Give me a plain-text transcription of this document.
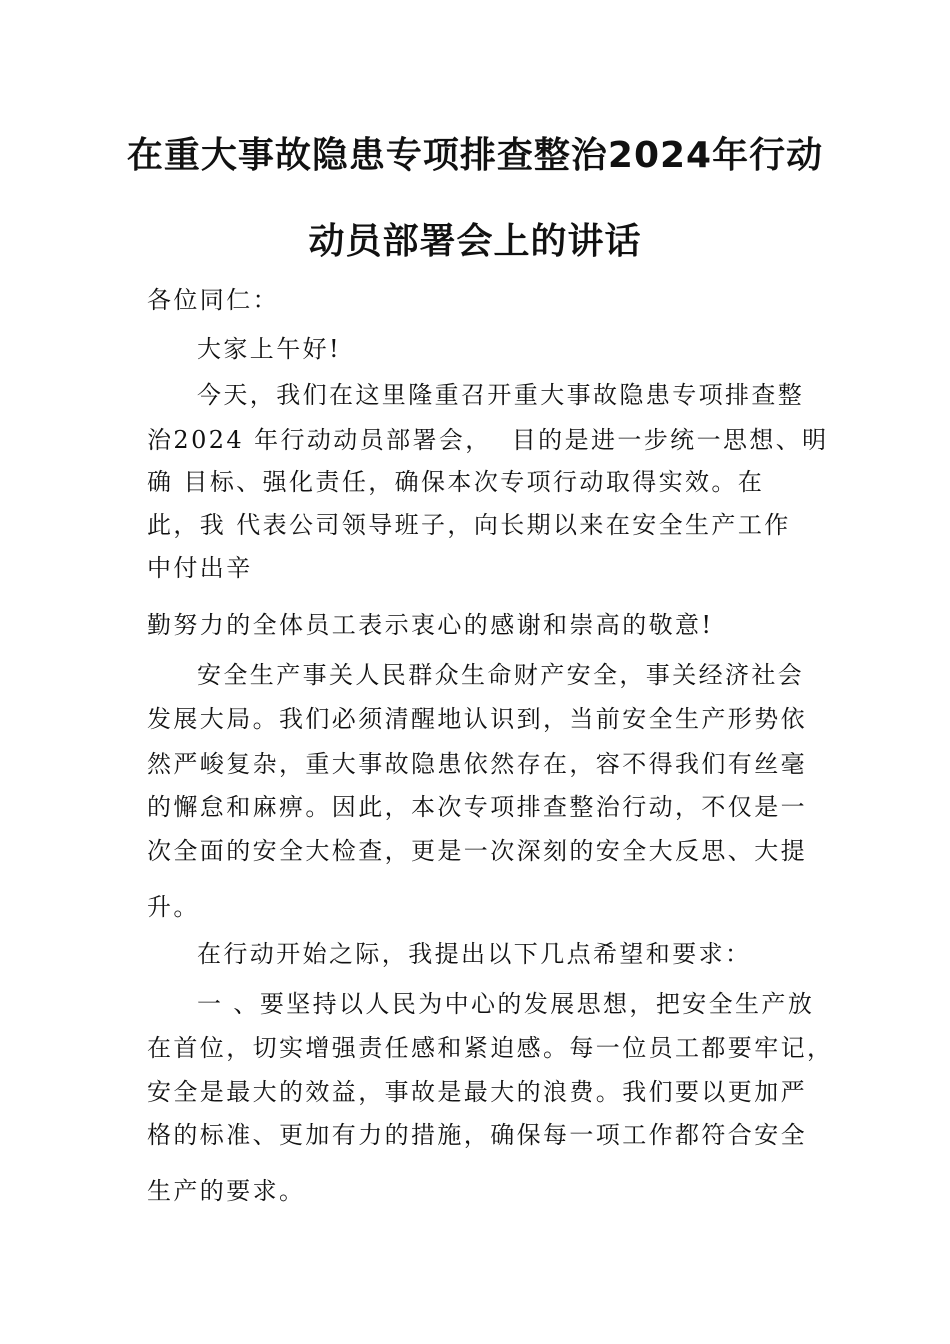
在重大事故隐患专项排查整治2024年行动
动员部署会上的讲话
各位同仁：
大家上午好!
今天，我们在这里隆重召开重大事故隐患专项排查整
治2024 年行动动员部署会，  目的是进一步统一思想、明
确 目标、强化责任，确保本次专项行动取得实效。在
此，我 代表公司领导班子，向长期以来在安全生产工作
中付出辛
勤努力的全体员工表示衷心的感谢和崇高的敬意!
安全生产事关人民群众生命财产安全，事关经济社会
发展大局。我们必须清醒地认识到，当前安全生产形势依
然严峻复杂，重大事故隐患依然存在，容不得我们有丝毫
的懈怠和麻痹。因此，本次专项排查整治行动，不仅是一
次全面的安全大检查，更是一次深刻的安全大反思、大提
升。
在行动开始之际，我提出以下几点希望和要求：
一 、要坚持以人民为中心的发展思想，把安全生产放
在首位，切实增强责任感和紧迫感。每一位员工都要牢记，
安全是最大的效益，事故是最大的浪费。我们要以更加严
格的标准、更加有力的措施，确保每一项工作都符合安全
生产的要求。
